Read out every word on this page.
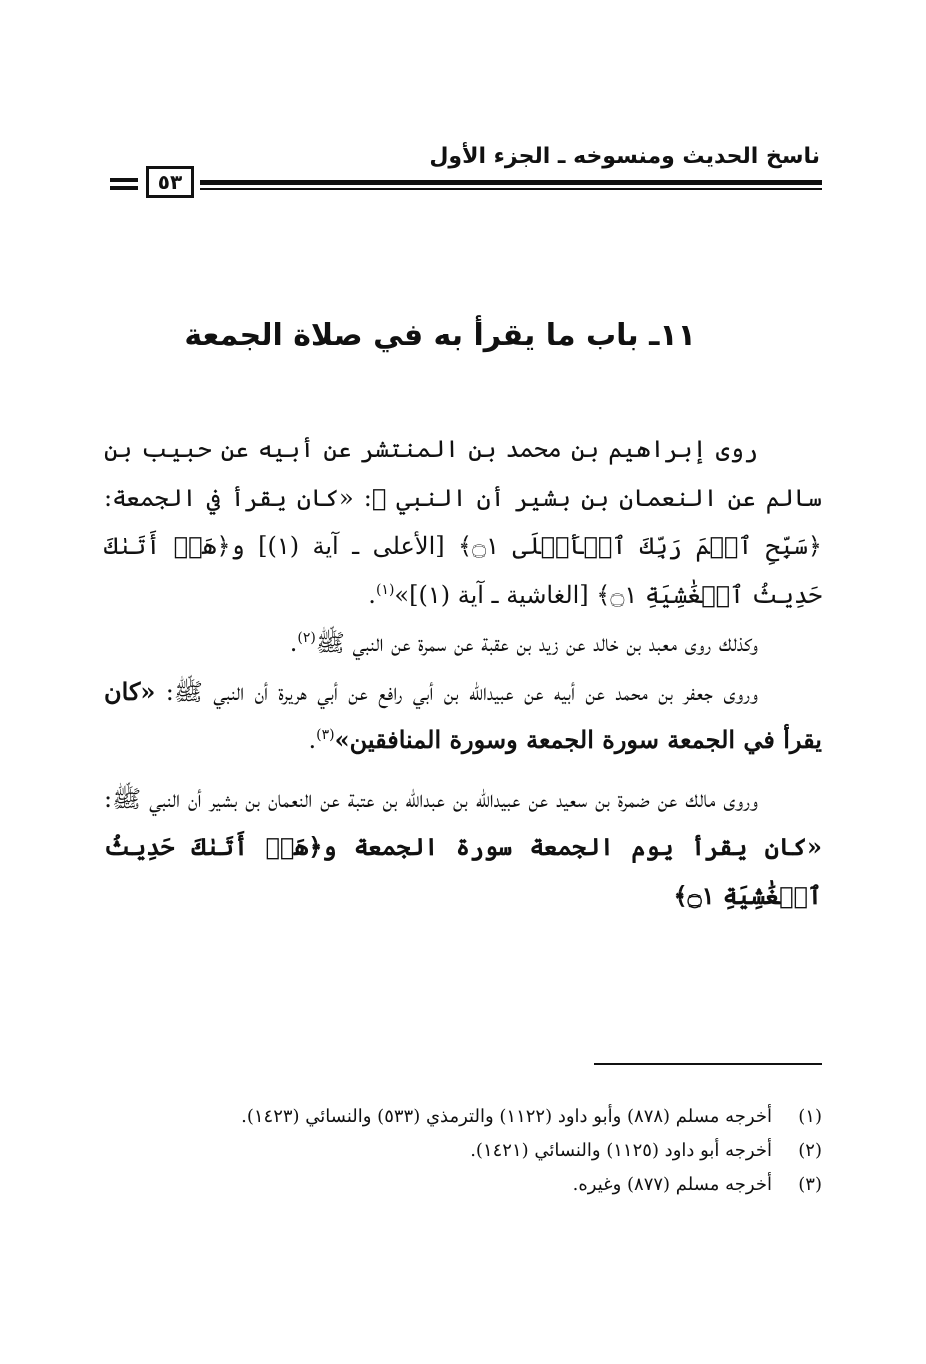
ناسخ الحديث ومنسوخه ـ الجزء الأول
٥٣
١١ـ باب ما يقرأ به في صلاة الجمعة

روى إبراهيم بن محمد بن المنتشر عن أبيه عن حبيب بن سالم عن النعمان بن بشير أن النبي ﷺ: «كان يقرأ في الجمعة: ﴿سَبِّحِ ٱسۡمَ رَبِّكَ ٱلۡأَعۡلَى ۝١﴾ [الأعلى ـ آية (١)] و﴿هَلۡ أَتَىٰكَ حَدِيثُ ٱلۡغَٰشِيَةِ ۝١﴾ [الغاشية ـ آية (١)]»$^{(١)}$.

وكذلك روى معبد بن خالد عن زيد بن عقبة عن سمرة عن النبي ﷺ$^{(٢)}$.

وروى جعفر بن محمد عن أبيه عن عبيدالله بن أبي رافع عن أبي هريرة أن النبي ﷺ: «كان يقرأ في الجمعة سورة الجمعة وسورة المنافقين»$^{(٣)}$.

وروى مالك عن ضمرة بن سعيد عن عبيدالله بن عبدالله بن عتبة عن النعمان بن بشير أن النبي ﷺ: «كان يقرأ يوم الجمعة سورة الجمعة و﴿هَلۡ أَتَىٰكَ حَدِيثُ ٱلۡغَٰشِيَةِ ۝١﴾

(١)
أخرجه مسلم (٨٧٨) وأبو داود (١١٢٢) والترمذي (٥٣٣) والنسائي (١٤٢٣).
(٢)
أخرجه أبو داود (١١٢٥) والنسائي (١٤٢١).
(٣)
أخرجه مسلم (٨٧٧) وغيره.
